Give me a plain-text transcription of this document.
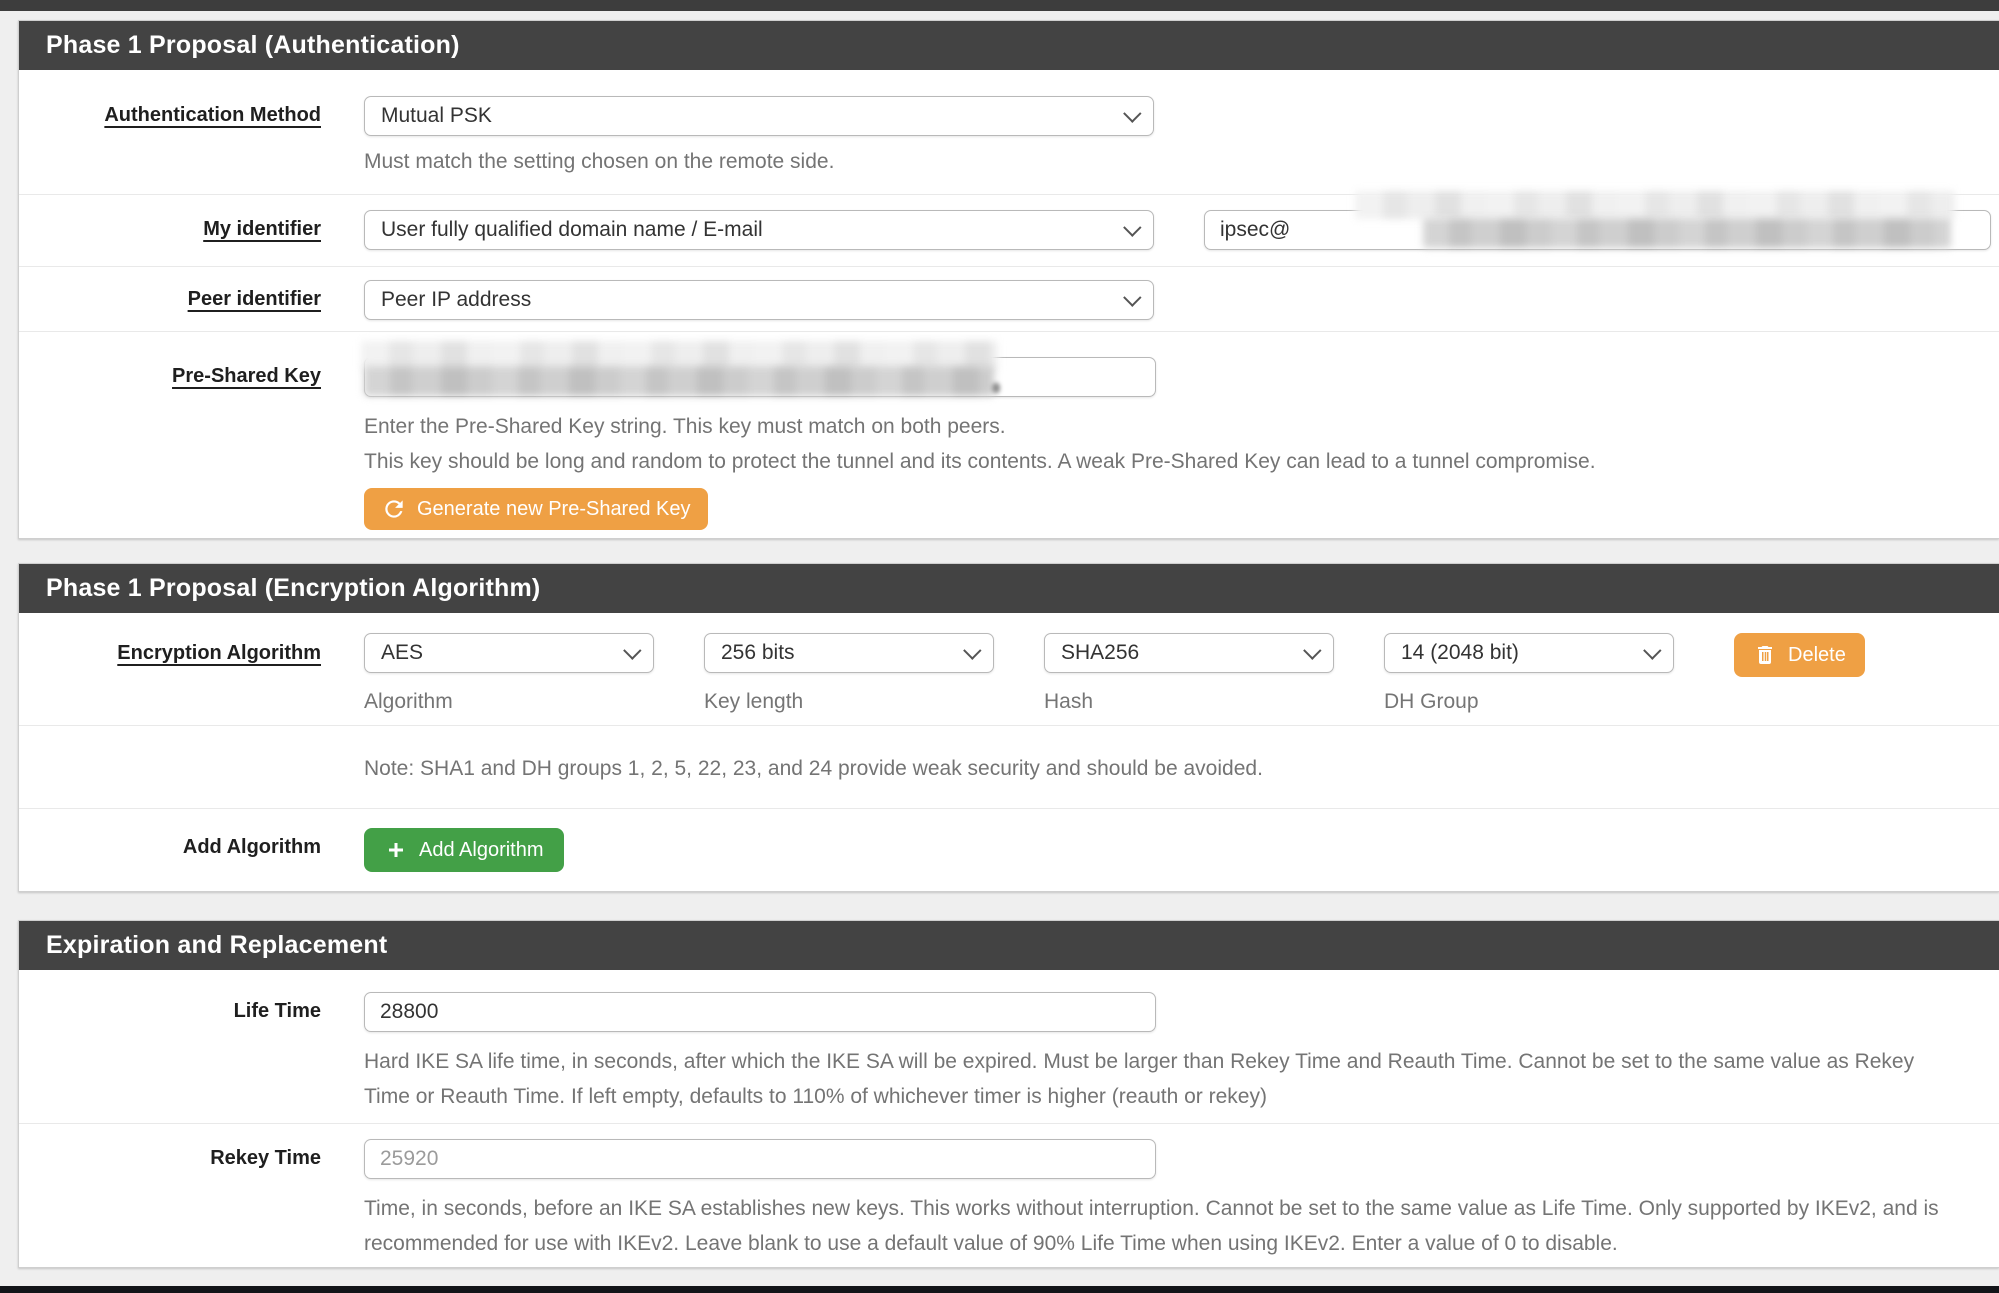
Phase 1 Proposal (Authentication)
Authentication Method	Mutual PSK
Must match the setting chosen on the remote side.
My identifier	User fully qualified domain name / E-mail	ipsec@
Peer identifier	Peer IP address
Pre-Shared Key
Enter the Pre-Shared Key string. This key must match on both peers.
This key should be long and random to protect the tunnel and its contents. A weak Pre-Shared Key can lead to a tunnel compromise.
Generate new Pre-Shared Key
Phase 1 Proposal (Encryption Algorithm)
Encryption Algorithm	AES	256 bits	SHA256	14 (2048 bit)	Delete
Algorithm	Key length	Hash	DH Group
Note: SHA1 and DH groups 1, 2, 5, 22, 23, and 24 provide weak security and should be avoided.
Add Algorithm	Add Algorithm
Expiration and Replacement
Life Time
28800
Hard IKE SA life time, in seconds, after which the IKE SA will be expired. Must be larger than Rekey Time and Reauth Time. Cannot be set to the same value as Rekey Time or Reauth Time. If left empty, defaults to 110% of whichever timer is higher (reauth or rekey)
Rekey Time
25920
Time, in seconds, before an IKE SA establishes new keys. This works without interruption. Cannot be set to the same value as Life Time. Only supported by IKEv2, and is recommended for use with IKEv2. Leave blank to use a default value of 90% Life Time when using IKEv2. Enter a value of 0 to disable.
